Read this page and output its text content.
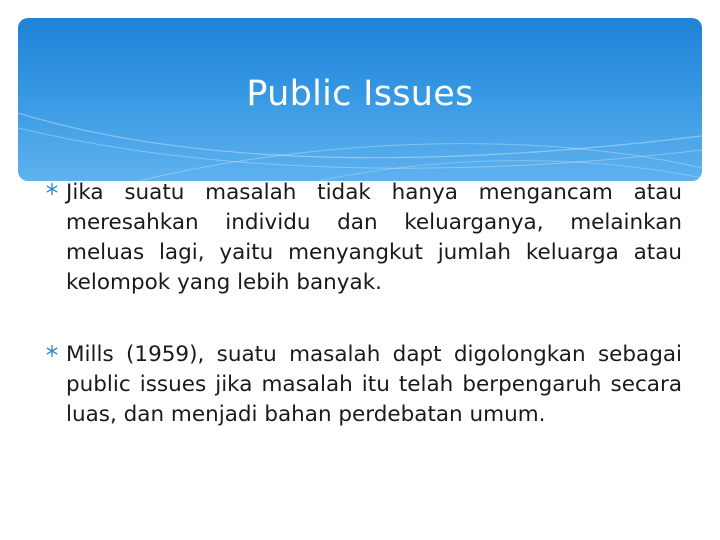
Public Issues
Jika suatu masalah tidak hanya mengancam atau meresahkan individu dan keluarganya, melainkan meluas lagi, yaitu menyangkut jumlah keluarga atau kelompok yang lebih banyak.
Mills (1959), suatu masalah dapt digolongkan sebagai public issues jika masalah itu telah berpengaruh secara luas, dan menjadi bahan perdebatan umum.
